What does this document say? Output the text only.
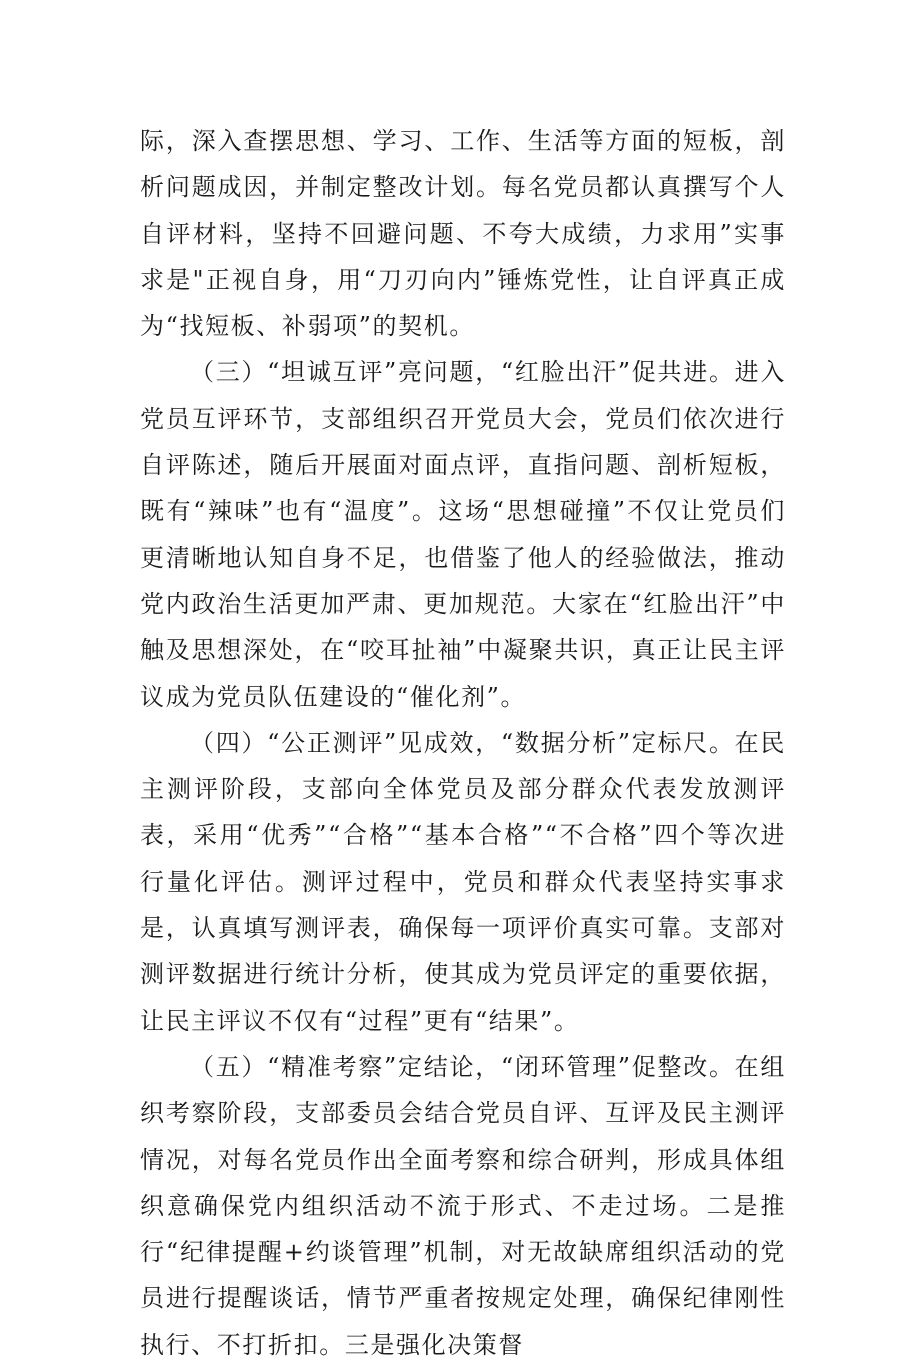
际，深入查摆思想、学习、工作、生活等方面的短板，剖析问题成因，并制定整改计划。每名党员都认真撰写个人自评材料，坚持不回避问题、不夸大成绩，力求用”实事求是"正视自身，用“刀刃向内”锤炼党性，让自评真正成为“找短板、补弱项”的契机。

（三）“坦诚互评”亮问题，“红脸出汗”促共进。进入党员互评环节，支部组织召开党员大会，党员们依次进行自评陈述，随后开展面对面点评，直指问题、剖析短板，既有“辣味”也有“温度”。这场“思想碰撞”不仅让党员们更清晰地认知自身不足，也借鉴了他人的经验做法，推动党内政治生活更加严肃、更加规范。大家在“红脸出汗”中触及思想深处，在“咬耳扯袖”中凝聚共识，真正让民主评议成为党员队伍建设的“催化剂”。

（四）“公正测评”见成效，“数据分析”定标尺。在民主测评阶段，支部向全体党员及部分群众代表发放测评表，采用“优秀”“合格”“基本合格”“不合格”四个等次进行量化评估。测评过程中，党员和群众代表坚持实事求是，认真填写测评表，确保每一项评价真实可靠。支部对测评数据进行统计分析，使其成为党员评定的重要依据，让民主评议不仅有“过程”更有“结果”。

（五）“精准考察”定结论，“闭环管理”促整改。在组织考察阶段，支部委员会结合党员自评、互评及民主测评情况，对每名党员作出全面考察和综合研判，形成具体组织意确保党内组织活动不流于形式、不走过场。二是推行“纪律提醒+约谈管理”机制，对无故缺席组织活动的党员进行提醒谈话，情节严重者按规定处理，确保纪律刚性执行、不打折扣。三是强化决策督
